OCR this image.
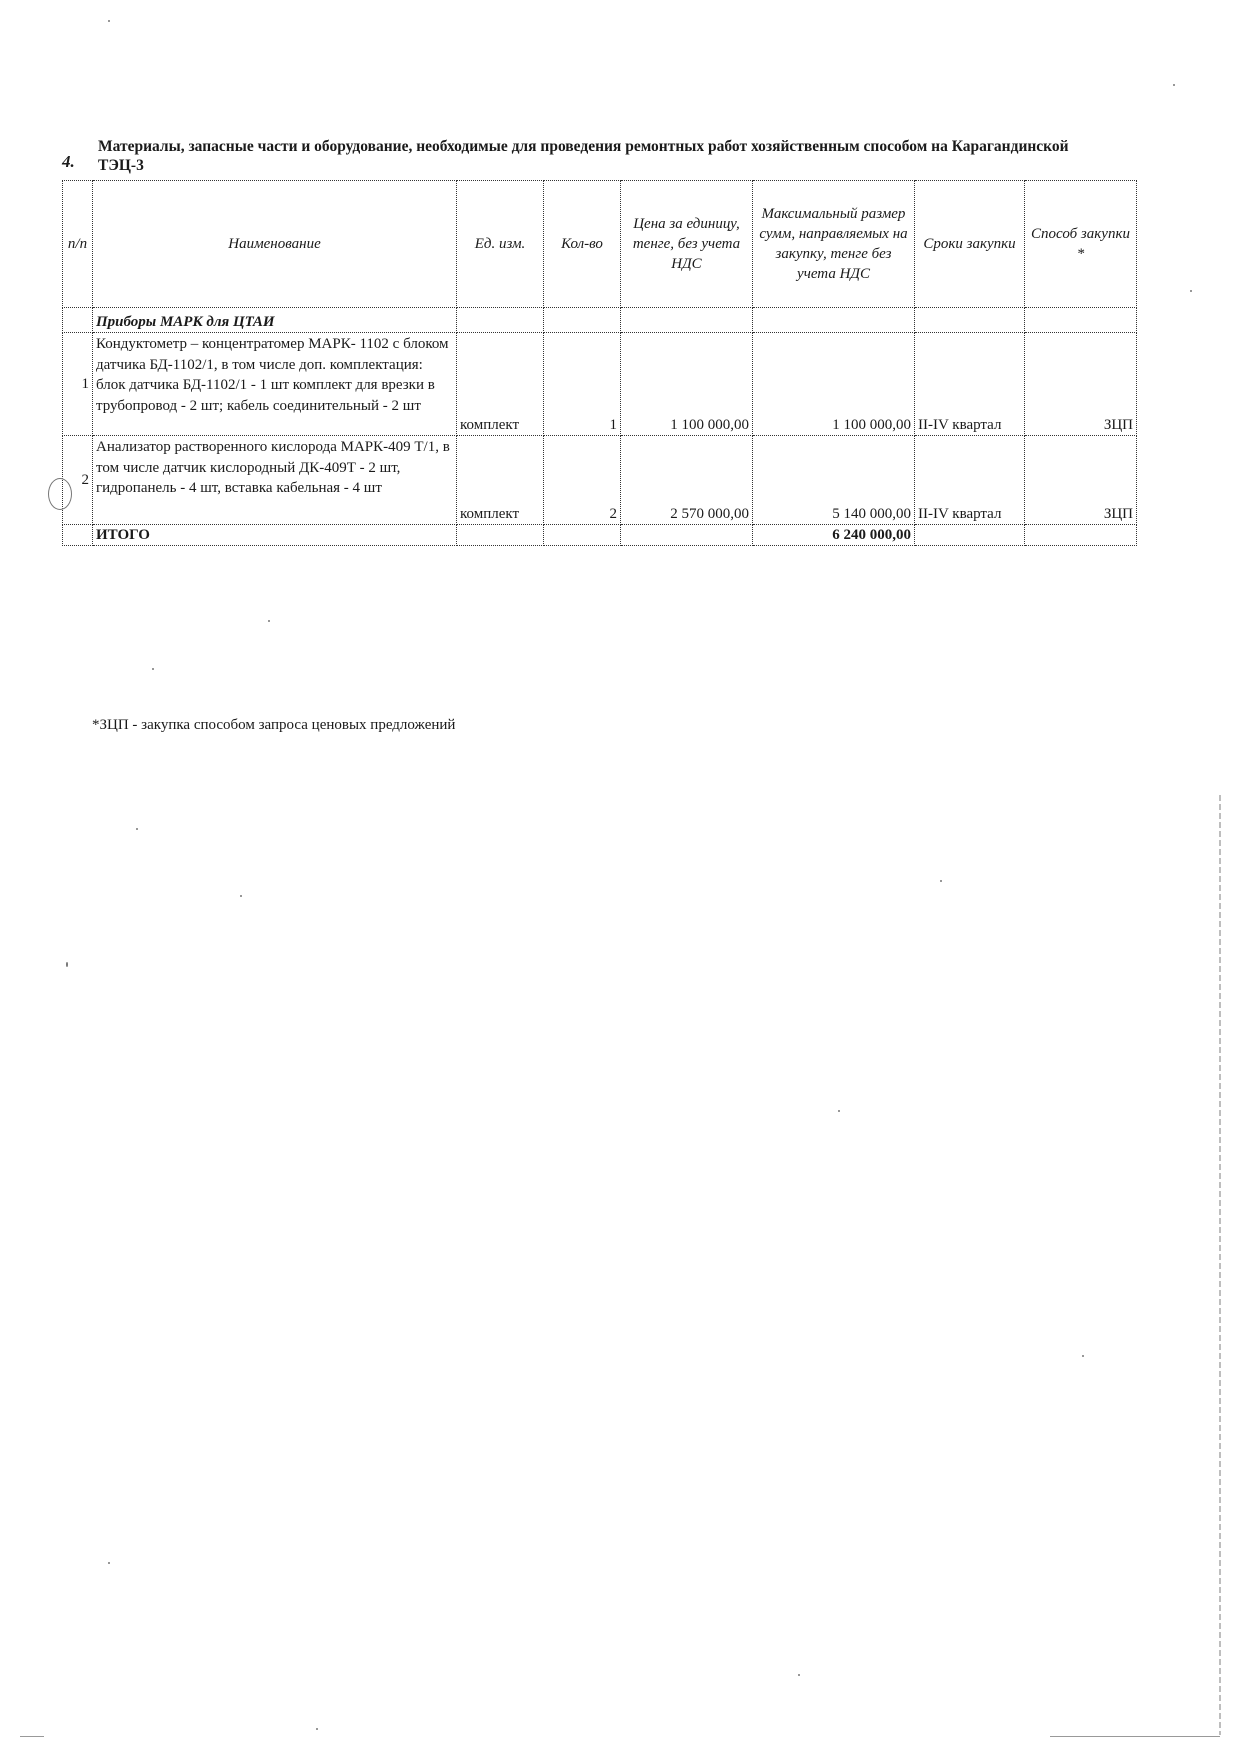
4.
Материалы, запасные части и оборудование, необходимые для проведения ремонтных работ хозяйственным способом на Карагандинской ТЭЦ-3
п/п	Наименование	Ед. изм.	Кол-во	Цена за единицу, тенге, без учета НДС	Максимальный размер сумм, направляемых на закупку, тенге без учета НДС	Сроки закупки	Способ закупки *
	Приборы МАРК для ЦТАИ						
1	Кондуктометр – концентратомер МАРК- 1102 с блоком датчика БД-1102/1, в том числе доп. комплектация: блок датчика БД-1102/1 - 1 шт комплект для врезки в трубопровод - 2 шт; кабель соединительный - 2 шт	комплект	1	1 100 000,00	1 100 000,00	II-IV квартал	ЗЦП
2	Анализатор растворенного кислорода МАРК-409 Т/1, в том числе датчик кислородный ДК-409Т - 2 шт, гидропанель - 4 шт, вставка кабельная - 4 шт	комплект	2	2 570 000,00	5 140 000,00	II-IV квартал	ЗЦП
	ИТОГО				6 240 000,00		
*ЗЦП - закупка способом запроса ценовых предложений
